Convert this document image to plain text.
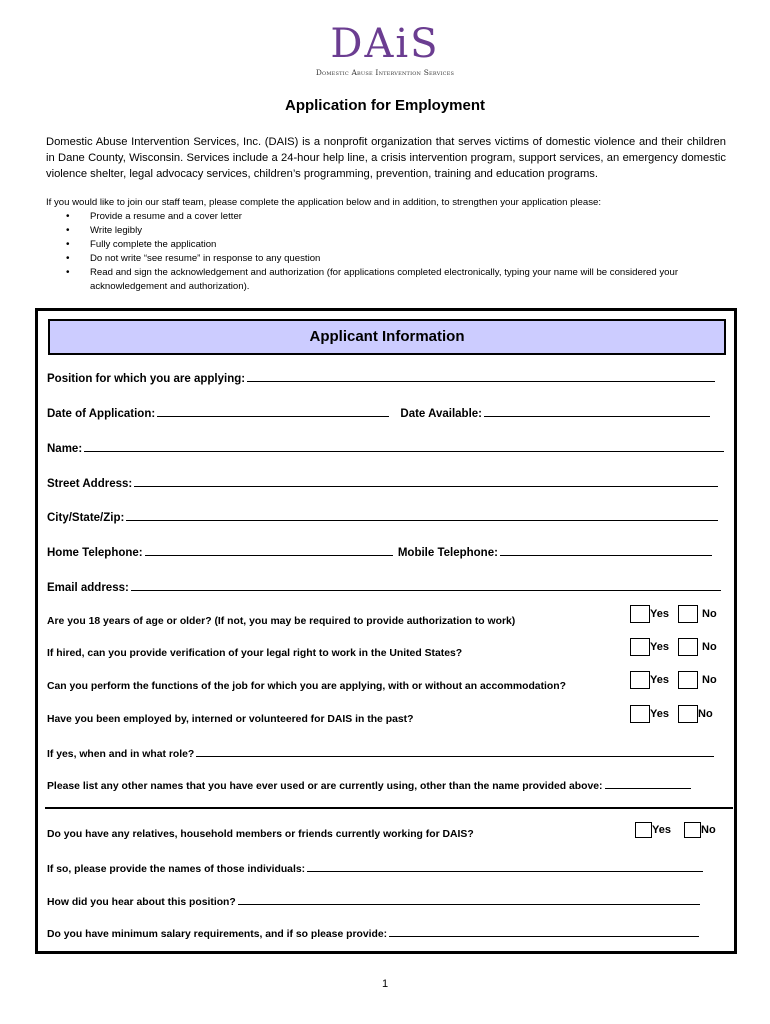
DAiS
Domestic Abuse Intervention Services
Application for Employment
Domestic Abuse Intervention Services, Inc. (DAIS) is a nonprofit organization that serves victims of domestic violence and their children in Dane County, Wisconsin. Services include a 24-hour help line, a crisis intervention program, support services, an emergency domestic violence shelter, legal advocacy services, children’s programming, prevention, training and education programs.
If you would like to join our staff team, please complete the application below and in addition, to strengthen your application please:
• Provide a resume and a cover letter
• Write legibly
• Fully complete the application
• Do not write “see resume” in response to any question
• Read and sign the acknowledgement and authorization (for applications completed electronically, typing your name will be considered your acknowledgement and authorization).
Applicant Information
Position for which you are applying:
Date of Application:	Date Available:
Name:
Street Address:
City/State/Zip:
Home Telephone:	Mobile Telephone:
Email address:
Are you 18 years of age or older? (If not, you may be required to provide authorization to work)
Yes	No
If hired, can you provide verification of your legal right to work in the United States?
Yes	No
Can you perform the functions of the job for which you are applying, with or without an accommodation?
Yes	No
Have you been employed by, interned or volunteered for DAIS in the past?	Yes	No
If yes, when and in what role?
Please list any other names that you have ever used or are currently using, other than the name provided above:
Do you have any relatives, household members or friends currently working for DAIS?	Yes	No
If so, please provide the names of those individuals:
How did you hear about this position?
Do you have minimum salary requirements, and if so please provide:
1
